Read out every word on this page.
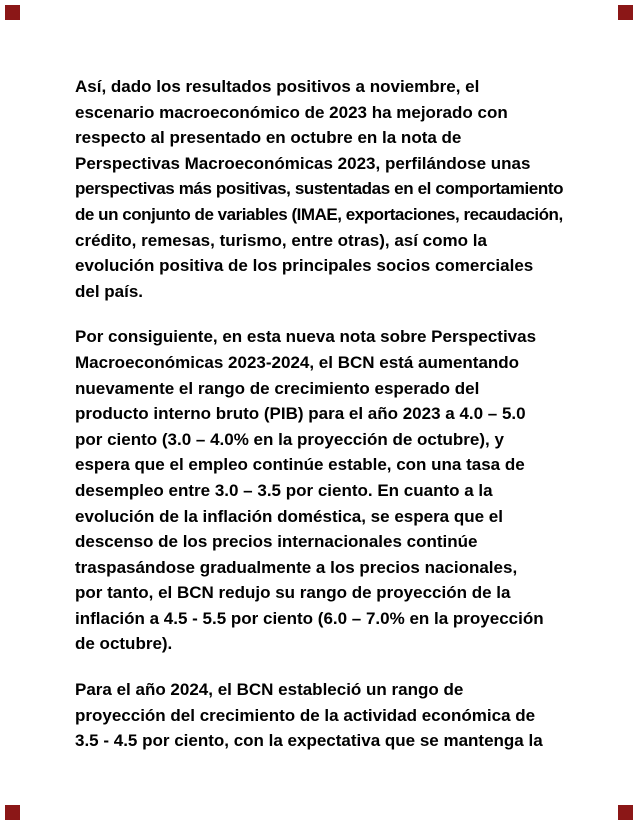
Así, dado los resultados positivos a noviembre, el
escenario macroeconómico de 2023 ha mejorado con
respecto al presentado en octubre en la nota de
Perspectivas Macroeconómicas 2023, perfilándose unas
perspectivas más positivas, sustentadas en el comportamiento
de un conjunto de variables (IMAE, exportaciones, recaudación,
crédito, remesas, turismo, entre otras), así como la
evolución positiva de los principales socios comerciales
del país.
Por consiguiente, en esta nueva nota sobre Perspectivas
Macroeconómicas 2023-2024, el BCN está aumentando
nuevamente el rango de crecimiento esperado del
producto interno bruto (PIB) para el año 2023 a 4.0 – 5.0
por ciento (3.0 – 4.0% en la proyección de octubre), y
espera que el empleo continúe estable, con una tasa de
desempleo entre 3.0 – 3.5 por ciento. En cuanto a la
evolución de la inflación doméstica, se espera que el
descenso de los precios internacionales continúe
traspasándose gradualmente a los precios nacionales,
por tanto, el BCN redujo su rango de proyección de la
inflación a 4.5 - 5.5 por ciento (6.0 – 7.0% en la proyección
de octubre).
Para el año 2024, el BCN estableció un rango de
proyección del crecimiento de la actividad económica de
3.5 - 4.5 por ciento, con la expectativa que se mantenga la
